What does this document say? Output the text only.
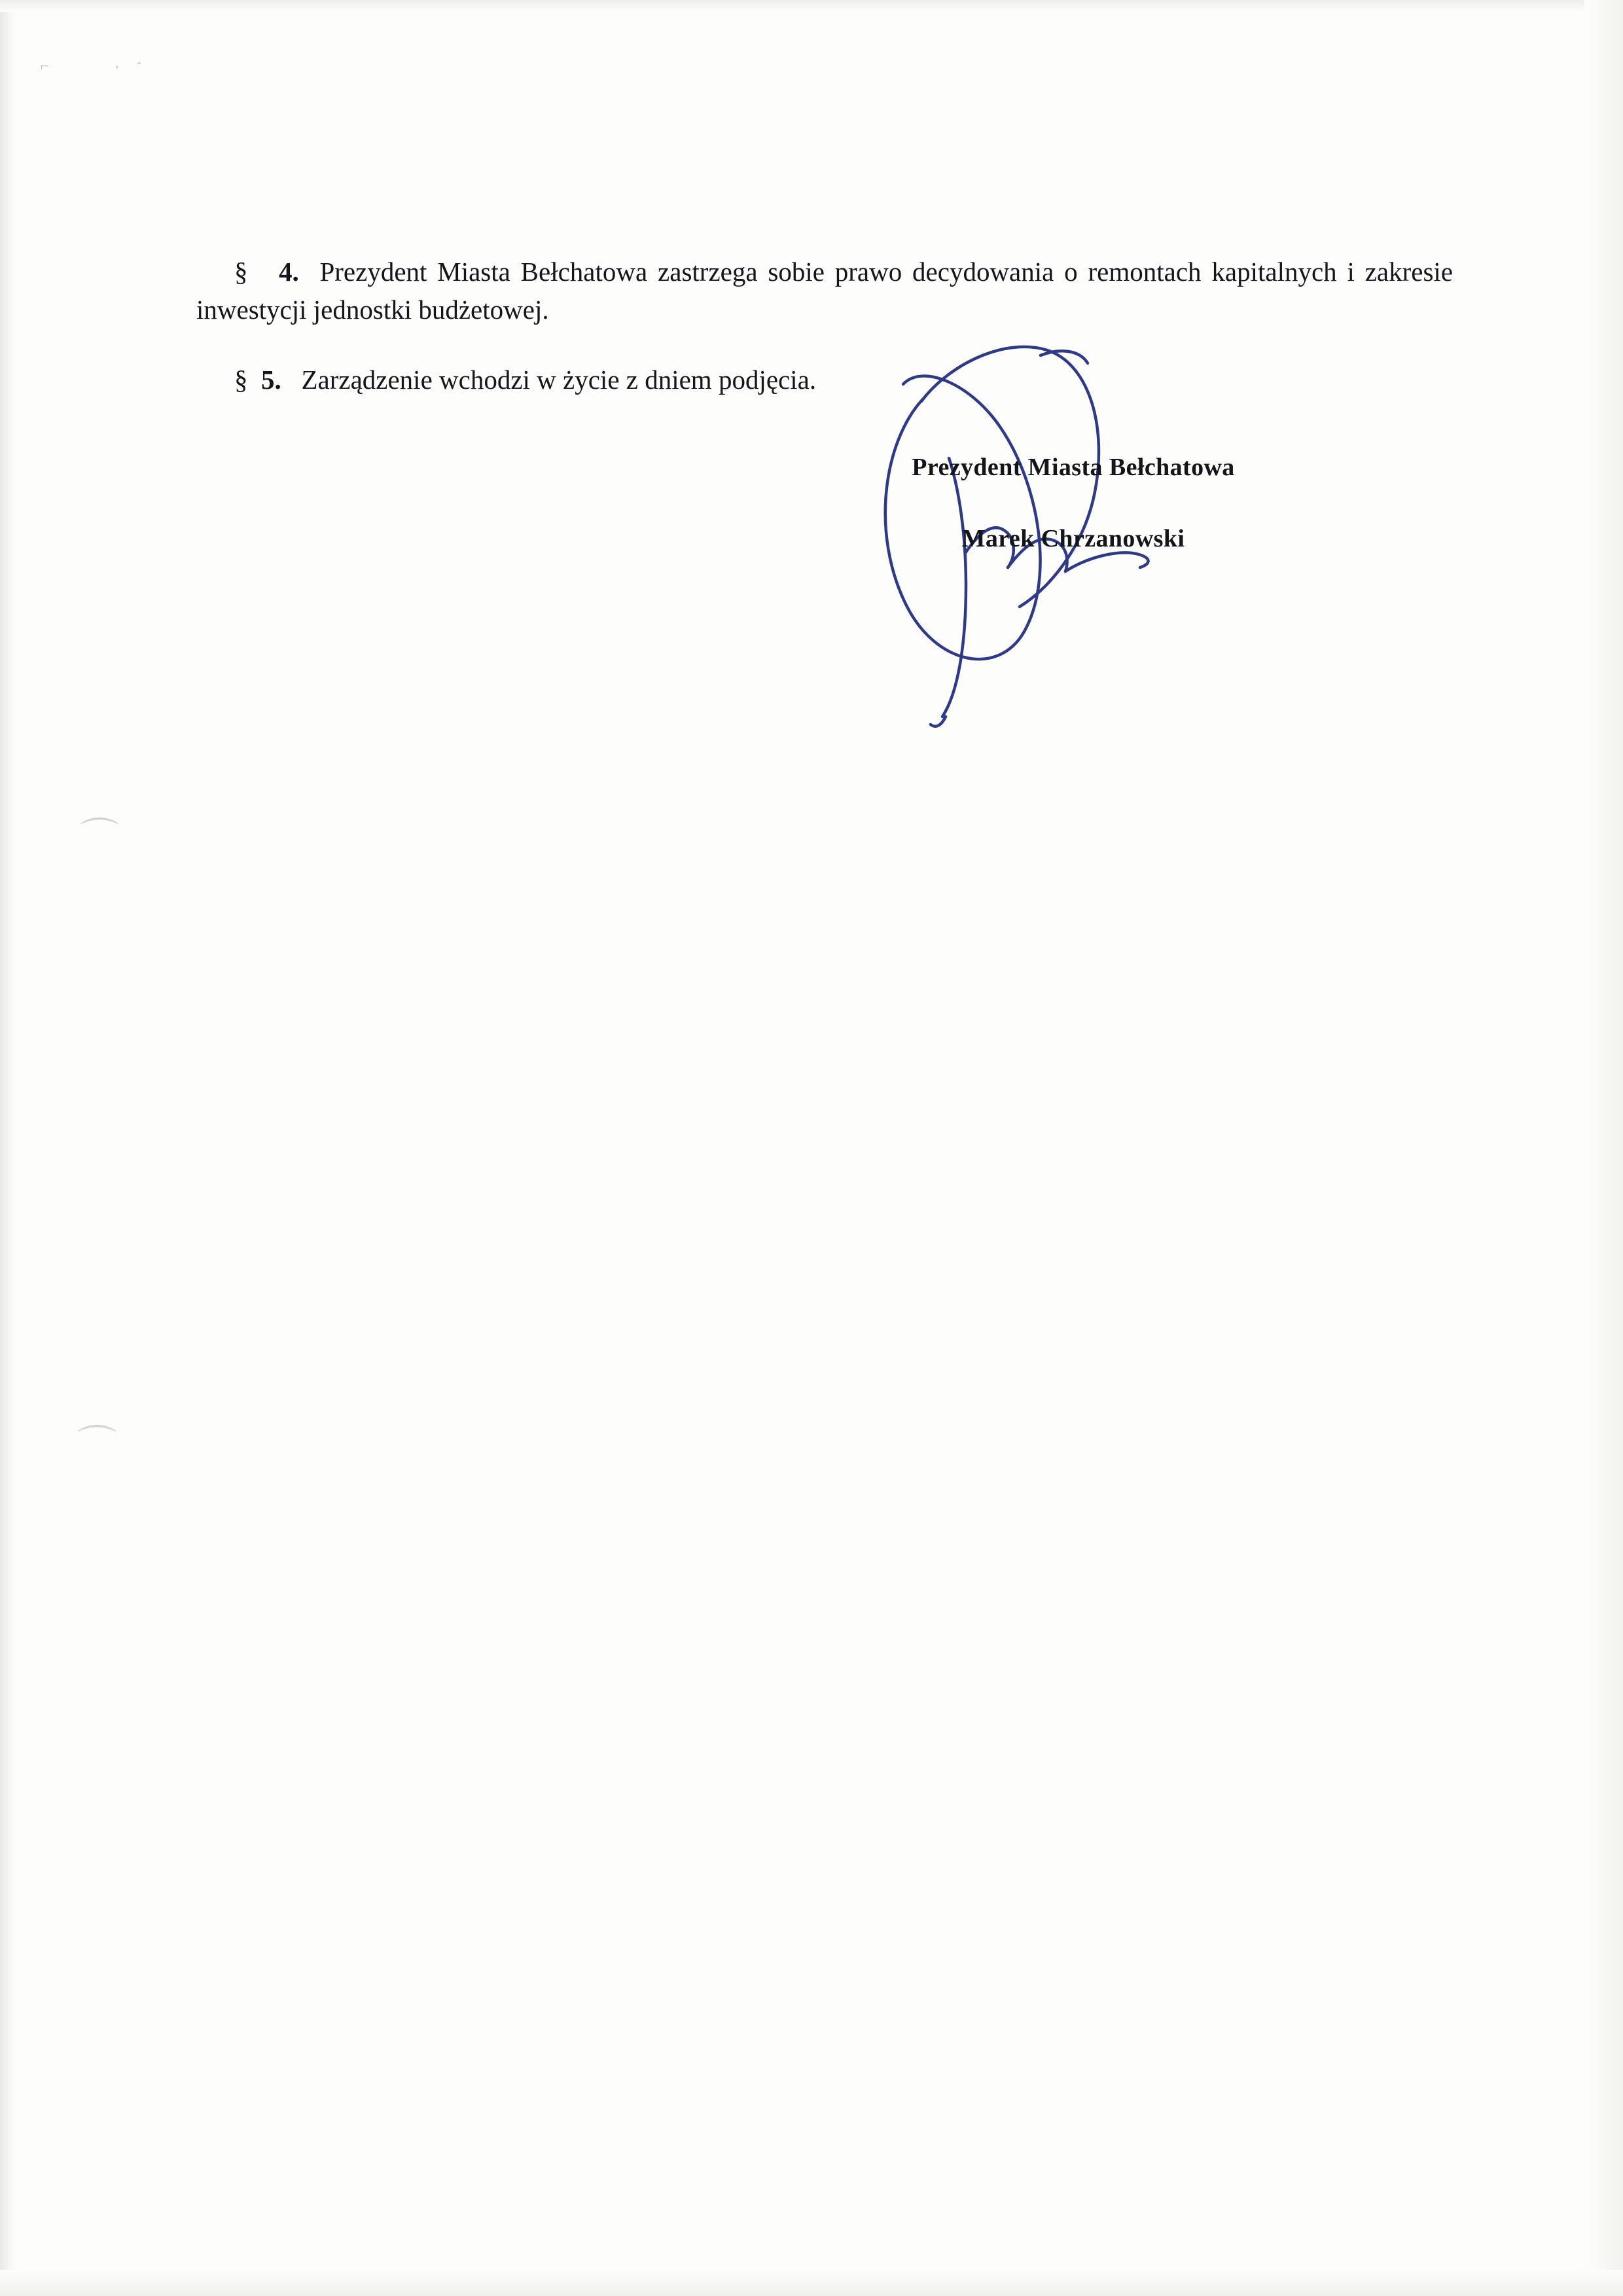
⌐	ʻ ˆ
⌒
⌒

§ 4. Prezydent Miasta Bełchatowa zastrzega sobie prawo decydowania o remontach kapitalnych i zakresie inwestycji jednostki budżetowej.

§ 5. Zarządzenie wchodzi w życie z dniem podjęcia.

Prezydent Miasta Bełchatowa
Marek Chrzanowski
